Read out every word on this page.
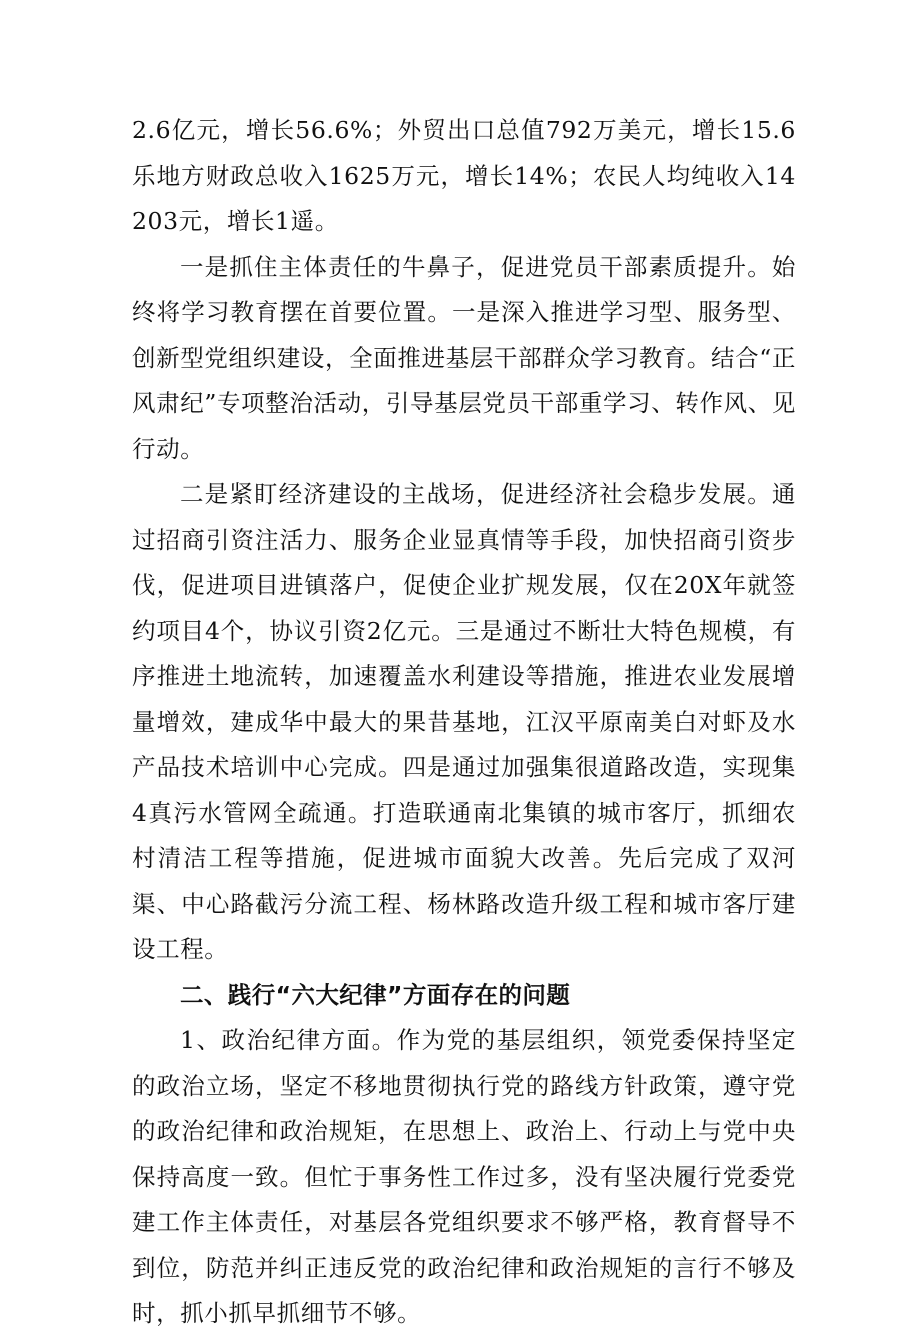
2.6亿元，增长56.6%；外贸出口总值792万美元，增长15.6乐地方财政总收入1625万元，增长14%；农民人均纯收入14203元，增长1遥。

一是抓住主体责任的牛鼻子，促进党员干部素质提升。始终将学习教育摆在首要位置。一是深入推进学习型、服务型、创新型党组织建设，全面推进基层干部群众学习教育。结合“正风肃纪”专项整治活动，引导基层党员干部重学习、转作风、见行动。

二是紧盯经济建设的主战场，促进经济社会稳步发展。通过招商引资注活力、服务企业显真情等手段，加快招商引资步伐，促进项目进镇落户，促使企业扩规发展，仅在20X年就签约项目4个，协议引资2亿元。三是通过不断壮大特色规模，有序推进土地流转，加速覆盖水利建设等措施，推进农业发展增量增效，建成华中最大的果昔基地，江汉平原南美白对虾及水产品技术培训中心完成。四是通过加强集很道路改造，实现集4真污水管网全疏通。打造联通南北集镇的城市客厅，抓细农村清洁工程等措施，促进城市面貌大改善。先后完成了双河渠、中心路截污分流工程、杨林路改造升级工程和城市客厅建设工程。

二、践行“六大纪律”方面存在的问题

1、政治纪律方面。作为党的基层组织，领党委保持坚定的政治立场，坚定不移地贯彻执行党的路线方针政策，遵守党的政治纪律和政治规矩，在思想上、政治上、行动上与党中央保持高度一致。但忙于事务性工作过多，没有坚决履行党委党建工作主体责任，对基层各党组织要求不够严格，教育督导不到位，防范并纠正违反党的政治纪律和政治规矩的言行不够及时，抓小抓早抓细节不够。
